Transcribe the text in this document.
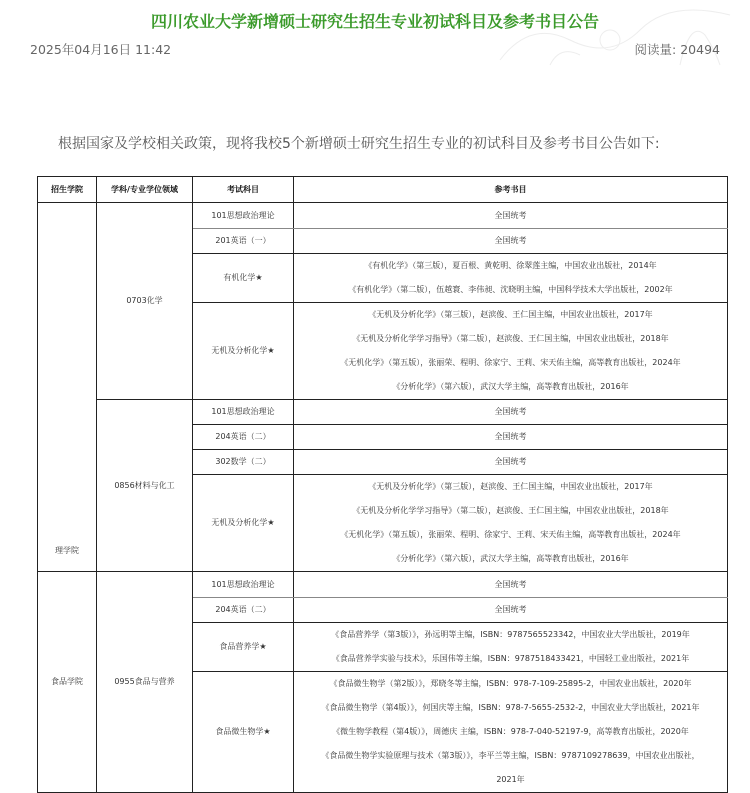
四川农业大学新增硕士研究生招生专业初试科目及参考书目公告
2025年04月16日 11:42	阅读量: 20494
根据国家及学校相关政策，现将我校5个新增硕士研究生招生专业的初试科目及参考书目公告如下:
招生学院	学科/专业学位领域	考试科目	参考书目
理学院	0703化学	101思想政治理论	全国统考

		201英语（一）	全国统考

		有机化学★	《有机化学》（第三版），夏百根、黄乾明、徐翠莲主编，中国农业出版社，2014年
《有机化学》（第二版），伍越寰、李伟昶、沈晓明主编，中国科学技术大学出版社，2002年

		无机及分析化学★	《无机及分析化学》（第三版），赵滨俊、王仁国主编，中国农业出版社，2017年
《无机及分析化学学习指导》（第二版），赵滨俊、王仁国主编，中国农业出版社，2018年
《无机化学》（第五版），张丽荣、程明、徐家宁、王莉、宋天佑主编，高等教育出版社，2024年
《分析化学》（第六版），武汉大学主编，高等教育出版社，2016年

	0856材料与化工	101思想政治理论	全国统考

		204英语（二）	全国统考

		302数学（二）	全国统考

		无机及分析化学★	《无机及分析化学》（第三版），赵滨俊、王仁国主编，中国农业出版社，2017年
《无机及分析化学学习指导》（第二版），赵滨俊、王仁国主编，中国农业出版社，2018年
《无机化学》（第五版），张丽荣、程明、徐家宁、王莉、宋天佑主编，高等教育出版社，2024年
《分析化学》（第六版），武汉大学主编，高等教育出版社，2016年

食品学院	0955食品与营养	101思想政治理论	全国统考

		204英语（二）	全国统考

		食品营养学★	《食品营养学（第3版）》，孙远明等主编，ISBN：9787565523342，中国农业大学出版社，2019年
《食品营养学实验与技术》，乐国伟等主编，ISBN：9787518433421，中国轻工业出版社，2021年

		食品微生物学★	《食品微生物学（第2版）》，郑晓冬等主编，ISBN：978-7-109-25895-2，中国农业出版社，2020年
《食品微生物学（第4版）》，何国庆等主编，ISBN：978-7-5655-2532-2，中国农业大学出版社，2021年
《微生物学教程（第4版）》，周德庆 主编，ISBN：978-7-040-52197-9，高等教育出版社，2020年
《食品微生物学实验原理与技术（第3版）》，李平兰等主编，ISBN：9787109278639，中国农业出版社，
2021年
